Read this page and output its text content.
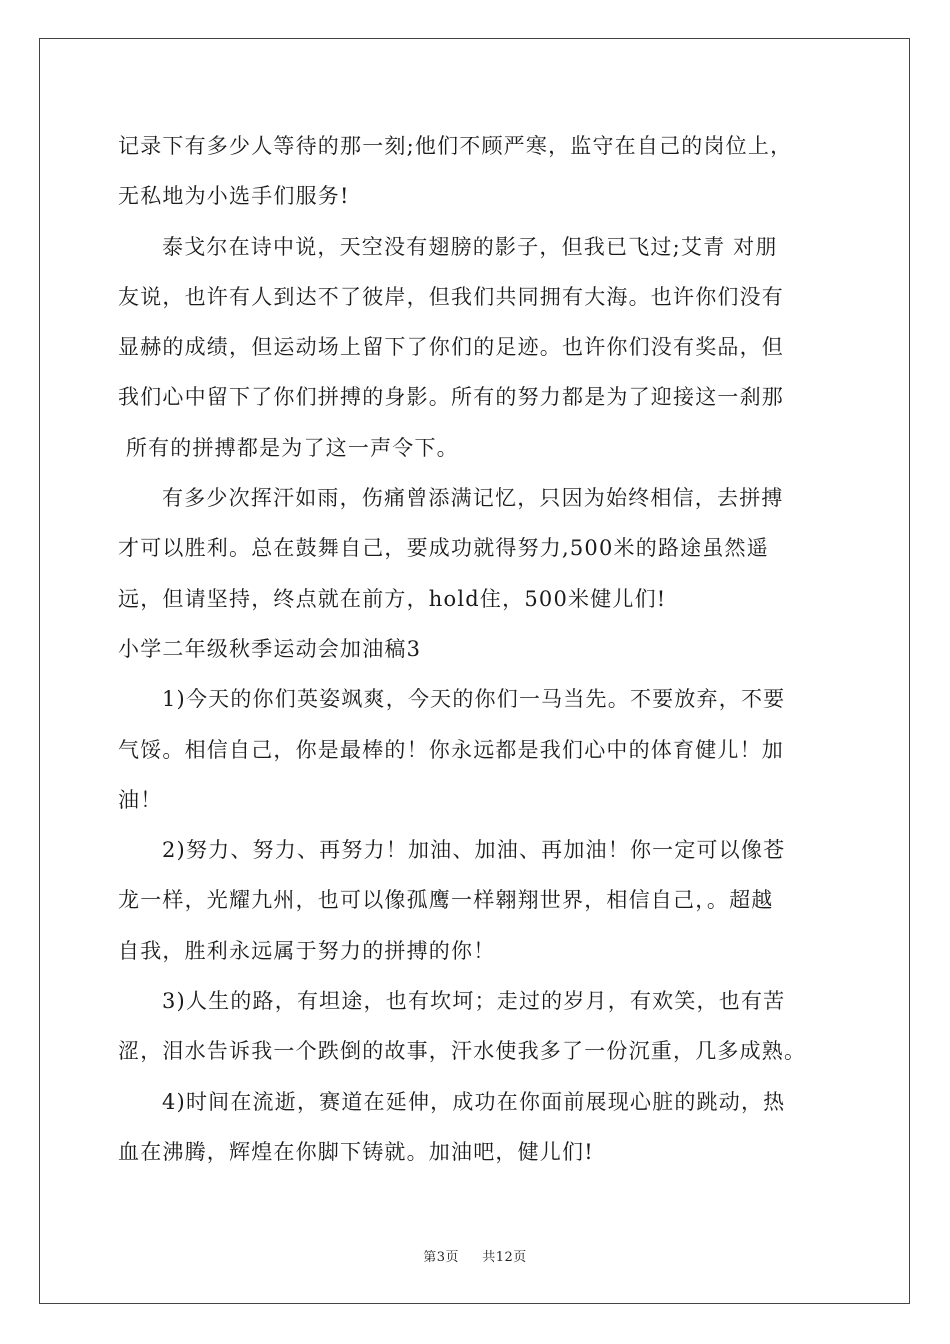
记录下有多少人等待的那一刻;他们不顾严寒，监守在自己的岗位上，
无私地为小选手们服务!

泰戈尔在诗中说，天空没有翅膀的影子，但我已飞过;艾青 对朋
友说，也许有人到达不了彼岸，但我们共同拥有大海。也许你们没有
显赫的成绩，但运动场上留下了你们的足迹。也许你们没有奖品，但
我们心中留下了你们拼搏的身影。所有的努力都是为了迎接这一刹那
所有的拼搏都是为了这一声令下。

有多少次挥汗如雨，伤痛曾添满记忆，只因为始终相信，去拼搏
才可以胜利。总在鼓舞自己，要成功就得努力,500米的路途虽然遥
远，但请坚持，终点就在前方，hold住，500米健儿们!

小学二年级秋季运动会加油稿3

1)今天的你们英姿飒爽，今天的你们一马当先。不要放弃，不要
气馁。相信自己，你是最棒的！你永远都是我们心中的体育健儿！加
油！

2)努力、努力、再努力！加油、加油、再加油！你一定可以像苍
龙一样，光耀九州，也可以像孤鹰一样翱翔世界，相信自己，。超越
自我，胜利永远属于努力的拼搏的你！

3)人生的路，有坦途，也有坎坷；走过的岁月，有欢笑，也有苦
涩，泪水告诉我一个跌倒的故事，汗水使我多了一份沉重，几多成熟。

4)时间在流逝，赛道在延伸，成功在你面前展现心脏的跳动，热
血在沸腾，辉煌在你脚下铸就。加油吧，健儿们!

第3页 共12页
